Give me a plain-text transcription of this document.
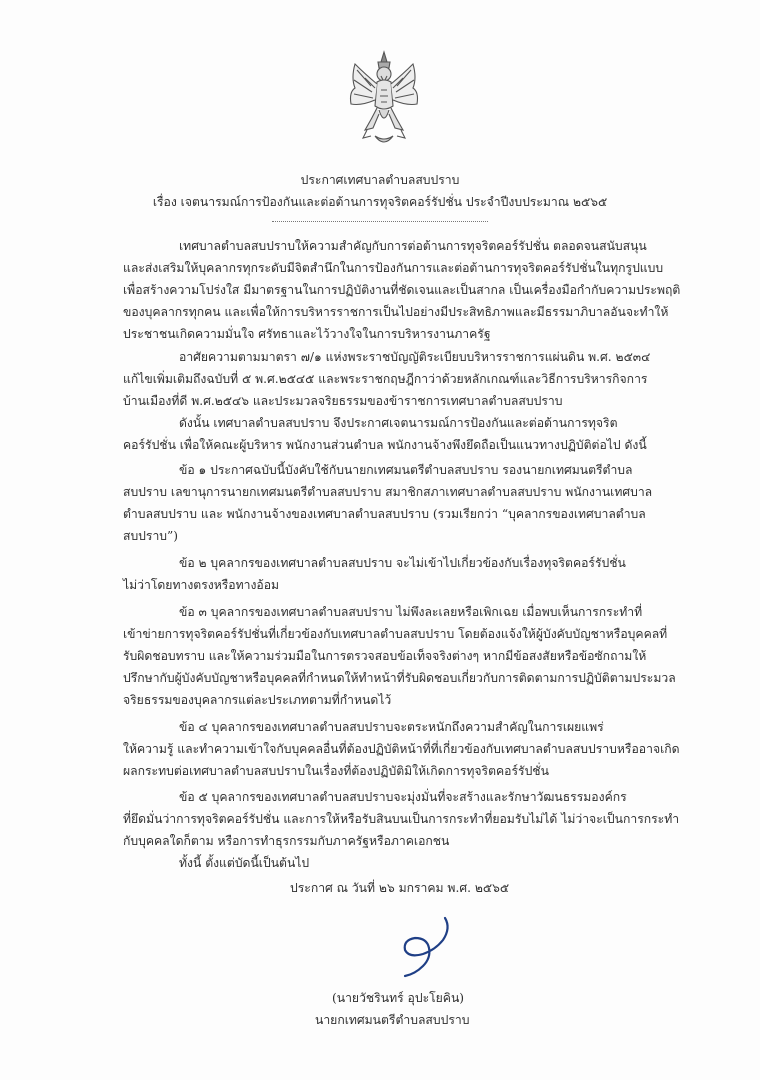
ประกาศเทศบาลตำบลสบปราบ
เรื่อง เจตนารมณ์การป้องกันและต่อต้านการทุจริตคอร์รัปชั่น ประจำปีงบประมาณ ๒๕๖๕
เทศบาลตำบลสบปราบให้ความสำคัญกับการต่อต้านการทุจริตคอร์รัปชั่น ตลอดจนสนับสนุน
และส่งเสริมให้บุคลากรทุกระดับมีจิตสำนึกในการป้องกันการและต่อต้านการทุจริตคอร์รัปชั่นในทุกรูปแบบ
เพื่อสร้างความโปร่งใส มีมาตรฐานในการปฏิบัติงานที่ชัดเจนและเป็นสากล เป็นเครื่องมือกำกับความประพฤติ
ของบุคลากรทุกคน และเพื่อให้การบริหารราชการเป็นไปอย่างมีประสิทธิภาพและมีธรรมาภิบาลอันจะทำให้
ประชาชนเกิดความมั่นใจ ศรัทธาและไว้วางใจในการบริหารงานภาครัฐ
อาศัยความตามมาตรา ๗/๑ แห่งพระราชบัญญัติระเบียบบริหารราชการแผ่นดิน พ.ศ. ๒๕๓๔
แก้ไขเพิ่มเติมถึงฉบับที่ ๕ พ.ศ.๒๕๔๕ และพระราชกฤษฎีกาว่าด้วยหลักเกณฑ์และวิธีการบริหารกิจการ
บ้านเมืองที่ดี พ.ศ.๒๕๔๖ และประมวลจริยธรรมของข้าราชการเทศบาลตำบลสบปราบ
ดังนั้น เทศบาลตำบลสบปราบ จึงประกาศเจตนารมณ์การป้องกันและต่อต้านการทุจริต
คอร์รัปชั่น เพื่อให้คณะผู้บริหาร พนักงานส่วนตำบล พนักงานจ้างพึงยึดถือเป็นแนวทางปฏิบัติต่อไป ดังนี้
ข้อ ๑ ประกาศฉบับนี้บังคับใช้กับนายกเทศมนตรีตำบลสบปราบ รองนายกเทศมนตรีตำบล
สบปราบ เลขานุการนายกเทศมนตรีตำบลสบปราบ สมาชิกสภาเทศบาลตำบลสบปราบ พนักงานเทศบาล
ตำบลสบปราบ และ พนักงานจ้างของเทศบาลตำบลสบปราบ (รวมเรียกว่า “บุคลากรของเทศบาลตำบล
สบปราบ”)
ข้อ ๒ บุคลากรของเทศบาลตำบลสบปราบ จะไม่เข้าไปเกี่ยวข้องกับเรื่องทุจริตคอร์รัปชั่น
ไม่ว่าโดยทางตรงหรือทางอ้อม
ข้อ ๓ บุคลากรของเทศบาลตำบลสบปราบ ไม่พึงละเลยหรือเพิกเฉย เมื่อพบเห็นการกระทำที่
เข้าข่ายการทุจริตคอร์รัปชั่นที่เกี่ยวข้องกับเทศบาลตำบลสบปราบ โดยต้องแจ้งให้ผู้บังคับบัญชาหรือบุคคลที่
รับผิดชอบทราบ และให้ความร่วมมือในการตรวจสอบข้อเท็จจริงต่างๆ หากมีข้อสงสัยหรือข้อซักถามให้
ปรึกษากับผู้บังคับบัญชาหรือบุคคลที่กำหนดให้ทำหน้าที่รับผิดชอบเกี่ยวกับการติดตามการปฏิบัติตามประมวล
จริยธรรมของบุคลากรแต่ละประเภทตามที่กำหนดไว้
ข้อ ๔ บุคลากรของเทศบาลตำบลสบปราบจะตระหนักถึงความสำคัญในการเผยแพร่
ให้ความรู้ และทำความเข้าใจกับบุคคลอื่นที่ต้องปฏิบัติหน้าที่ที่เกี่ยวข้องกับเทศบาลตำบลสบปราบหรืออาจเกิด
ผลกระทบต่อเทศบาลตำบลสบปราบในเรื่องที่ต้องปฏิบัติมิให้เกิดการทุจริตคอร์รัปชั่น
ข้อ ๕ บุคลากรของเทศบาลตำบลสบปราบจะมุ่งมั่นที่จะสร้างและรักษาวัฒนธรรมองค์กร
ที่ยึดมั่นว่าการทุจริตคอร์รัปชั่น และการให้หรือรับสินบนเป็นการกระทำที่ยอมรับไม่ได้ ไม่ว่าจะเป็นการกระทำ
กับบุคคลใดก็ตาม หรือการทำธุรกรรมกับภาครัฐหรือภาคเอกชน
ทั้งนี้ ตั้งแต่บัดนี้เป็นต้นไป
ประกาศ ณ วันที่ ๒๖ มกราคม พ.ศ. ๒๕๖๕
(นายวัชรินทร์ อุปะโยคิน)
นายกเทศมนตรีตำบลสบปราบ
